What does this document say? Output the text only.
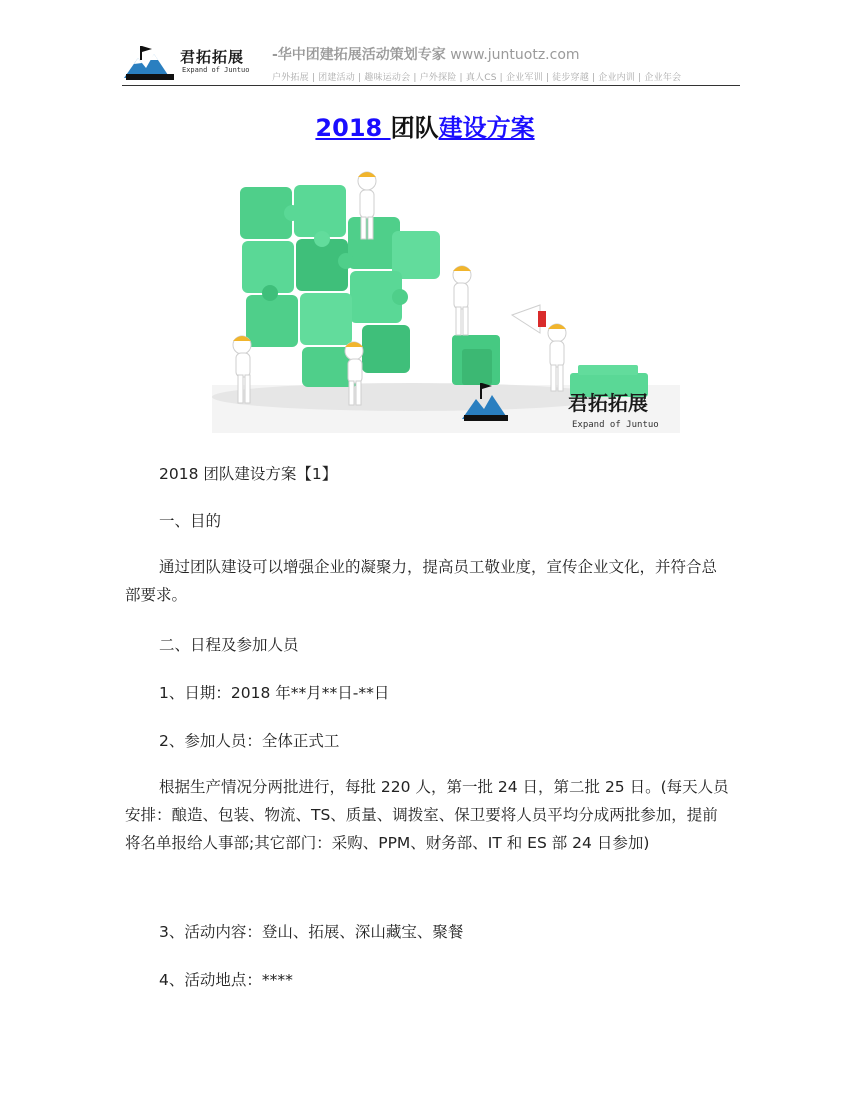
君拓拓展
Expand of Juntuo
-华中团建拓展活动策划专家 www.juntuotz.com
户外拓展 | 团建活动 | 趣味运动会 | 户外探险 | 真人CS | 企业军训 | 徒步穿越 | 企业内训 | 企业年会
2018 团队建设方案
君拓拓展
Expand of Juntuo

2018 团队建设方案【1】

一、目的

通过团队建设可以增强企业的凝聚力，提高员工敬业度，宣传企业文化，并符合总部要求。

二、日程及参加人员

1、日期：2018 年**月**日-**日

2、参加人员：全体正式工

根据生产情况分两批进行，每批 220 人，第一批 24 日，第二批 25 日。(每天人员安排：酿造、包装、物流、TS、质量、调拨室、保卫要将人员平均分成两批参加，提前将名单报给人事部;其它部门：采购、PPM、财务部、IT 和 ES 部 24 日参加)

3、活动内容：登山、拓展、深山藏宝、聚餐

4、活动地点：****
